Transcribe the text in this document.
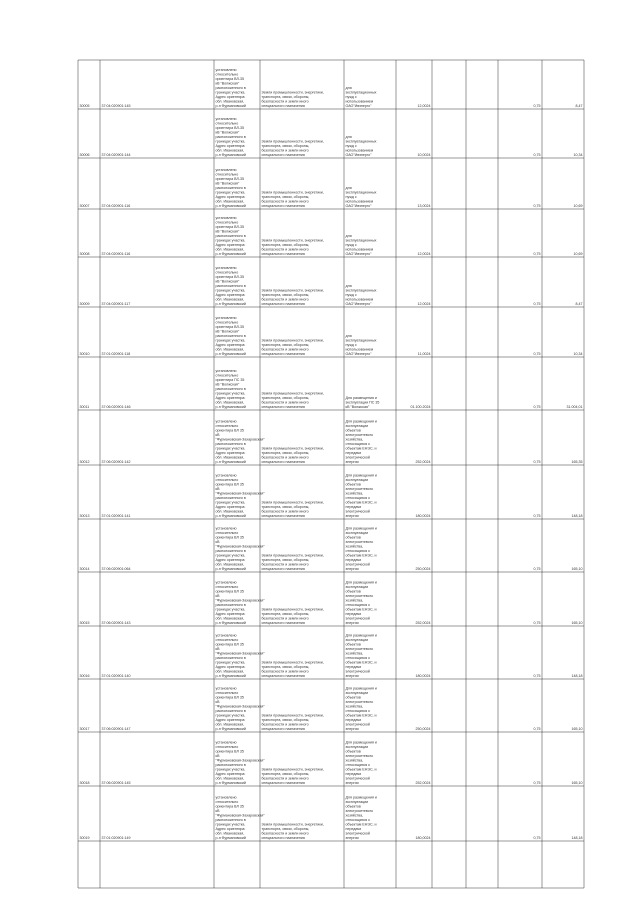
30005	37:04:020901:145
установлено относительно ориентира ВЛ-35 кВ "Волжская" расположенного в границах участка. Адрес ориентира: обл. Ивановская, р-н Фурмановский
Земли промышленности, энергетики, транспорта, связи, обороны, безопасности и земли иного специального назначения
для эксплуатационных нужд с использованием ОАО"Ивэнерго"	12,0024	0,75	8,47
30006	37:04:020901:144
установлено относительно ориентира ВЛ-35 кВ "Волжская" расположенного в границах участка. Адрес ориентира: обл. Ивановская, р-н Фурмановский
Земли промышленности, энергетики, транспорта, связи, обороны, безопасности и земли иного специального назначения
для эксплуатационных нужд с использованием ОАО"Ивэнерго"	10,0024	0,75	10,34
30007	37:04:020901:116
установлено относительно ориентира ВЛ-35 кВ "Волжская" расположенного в границах участка. Адрес ориентира: обл. Ивановская, р-н Фурмановский
Земли промышленности, энергетики, транспорта, связи, обороны, безопасности и земли иного специального назначения
для эксплуатационных нужд с использованием ОАО"Ивэнерго"	13,0024	0,75	10,69
30008	37:04:020901:116
установлено относительно ориентира ВЛ-35 кВ "Волжская" расположенного в границах участка. Адрес ориентира: обл. Ивановская, р-н Фурмановский
Земли промышленности, энергетики, транспорта, связи, обороны, безопасности и земли иного специального назначения
для эксплуатационных нужд с использованием ОАО"Ивэнерго"	12,0024	0,75	10,69
30009	37:04:020901:117
установлено относительно ориентира ВЛ-35 кВ "Волжская" расположенного в границах участка. Адрес ориентира: обл. Ивановская, р-н Фурмановский
Земли промышленности, энергетики, транспорта, связи, обороны, безопасности и земли иного специального назначения
для эксплуатационных нужд с использованием ОАО"Ивэнерго"	12,0024	0,75	8,47
30010	37:01:020901:118
установлено относительно ориентира ВЛ-35 кВ "Волжская" расположенного в границах участка. Адрес ориентира: обл. Ивановская, р-н Фурмановский
Земли промышленности, энергетики, транспорта, связи, обороны, безопасности и земли иного специального назначения
для эксплуатационных нужд с использованием ОАО"Ивэнерго"	11,0024	0,75	10,34
30011	37:06:020901:146
установлено относительно ориентира ПС 35 кВ "Волжская" расположенного в границах участка. Адрес ориентира: обл. Ивановская, р-н Фурмановский
Земли промышленности, энергетики, транспорта, связи, обороны, безопасности и земли иного специального назначения
Для размещения и эксплуатации ПС 35 кВ "Волжская"	01.100.2024	0,75	31.004,01
30012	37:06:020901:142
установлено относительно ориентира ВЛ 35 кВ "Фурмановская-Захаровская" расположенного в границах участка. Адрес ориентира: обл. Ивановская, р-н Фурмановский
Земли промышленности, энергетики, транспорта, связи, обороны, безопасности и земли иного специального назначения
Для размещения и эксплуатации объектов электросетевого хозяйства, относящихся к объектам ЕНЭС, и передачи электрической энергии	252,0024	0,75	165,35
30013	37:01:020901:141
установлено относительно ориентира ВЛ 35 кВ "Фурмановская-Захаровская" расположенного в границах участка. Адрес ориентира: обл. Ивановская, р-н Фурмановский
Земли промышленности, энергетики, транспорта, связи, обороны, безопасности и земли иного специального назначения
Для размещения и эксплуатации объектов электросетевого хозяйства, относящихся к объектам ЕНЭС, и передачи электрической энергии	180,0024	0,75	148,18
30014	37:06:020901:064
установлено относительно ориентира ВЛ 35 кВ "Фурмановская-Захаровская" расположенного в границах участка. Адрес ориентира: обл. Ивановская, р-н Фурмановский
Земли промышленности, энергетики, транспорта, связи, обороны, безопасности и земли иного специального назначения
Для размещения и эксплуатации объектов электросетевого хозяйства, относящихся к объектам ЕНЭС, и передачи электрической энергии	250,0024	0,75	165,10
30015	37:06:020901:143
установлено относительно ориентира ВЛ 35 кВ "Фурмановская-Захаровская" расположенного в границах участка. Адрес ориентира: обл. Ивановская, р-н Фурмановский
Земли промышленности, энергетики, транспорта, связи, обороны, безопасности и земли иного специального назначения
Для размещения и эксплуатации объектов электросетевого хозяйства, относящихся к объектам ЕНЭС, и передачи электрической энергии	252,0024	0,75	165,10
30016	37:01:020901:140
установлено относительно ориентира ВЛ 35 кВ "Фурмановская-Захаровская" расположенного в границах участка. Адрес ориентира: обл. Ивановская, р-н Фурмановский
Земли промышленности, энергетики, транспорта, связи, обороны, безопасности и земли иного специального назначения
Для размещения и эксплуатации объектов электросетевого хозяйства, относящихся к объектам ЕНЭС, и передачи электрической энергии	180,0024	0,75	148,18
30017	37:06:020901:147
установлено относительно ориентира ВЛ 35 кВ "Фурмановская-Захаровская" расположенного в границах участка. Адрес ориентира: обл. Ивановская, р-н Фурмановский
Земли промышленности, энергетики, транспорта, связи, обороны, безопасности и земли иного специального назначения
Для размещения и эксплуатации объектов электросетевого хозяйства, относящихся к объектам ЕНЭС, и передачи электрической энергии	250,0024	0,75	165,10
30018	37:06:020901:145
установлено относительно ориентира ВЛ 35 кВ "Фурмановская-Захаровская" расположенного в границах участка. Адрес ориентира: обл. Ивановская, р-н Фурмановский
Земли промышленности, энергетики, транспорта, связи, обороны, безопасности и земли иного специального назначения
Для размещения и эксплуатации объектов электросетевого хозяйства, относящихся к объектам ЕНЭС, и передачи электрической энергии	252,0024	0,75	165,10
30019	37:01:020901:149
установлено относительно ориентира ВЛ 35 кВ "Фурмановская-Захаровская" расположенного в границах участка. Адрес ориентира: обл. Ивановская, р-н Фурмановский
Земли промышленности, энергетики, транспорта, связи, обороны, безопасности и земли иного специального назначения
Для размещения и эксплуатации объектов электросетевого хозяйства, относящихся к объектам ЕНЭС, и передачи электрической энергии	180,0024	0,75	148,18
